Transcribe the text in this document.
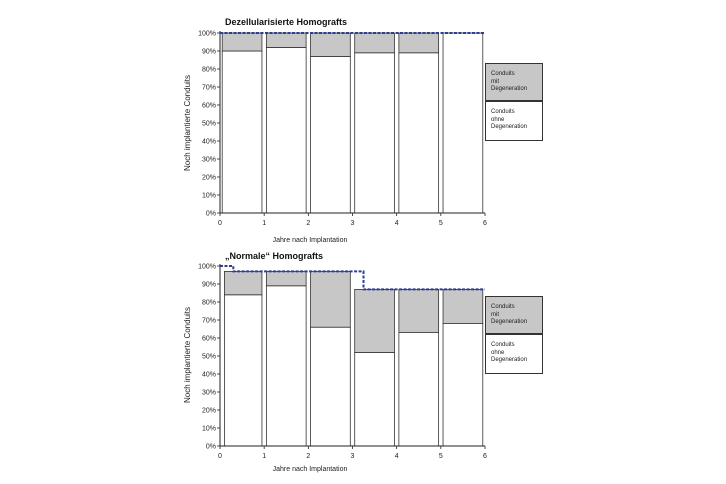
Dezellularisierte Homografts
0%
10%
20%
30%
40%
50%
60%
70%
80%
90%
100%
0	1	2	3	4	5	6
Jahre nach Implantation
Noch implantierte Conduits
„Normale“ Homografts
0%
10%
20%
30%
40%
50%
60%
70%
80%
90%
100%
0	1	2	3	4	5	6
Jahre nach Implantation
Noch implantierte Conduits
Conduits
mit
Degeneration
Conduits
ohne
Degeneration
Conduits
mit
Degeneration
Conduits
ohne
Degeneration
